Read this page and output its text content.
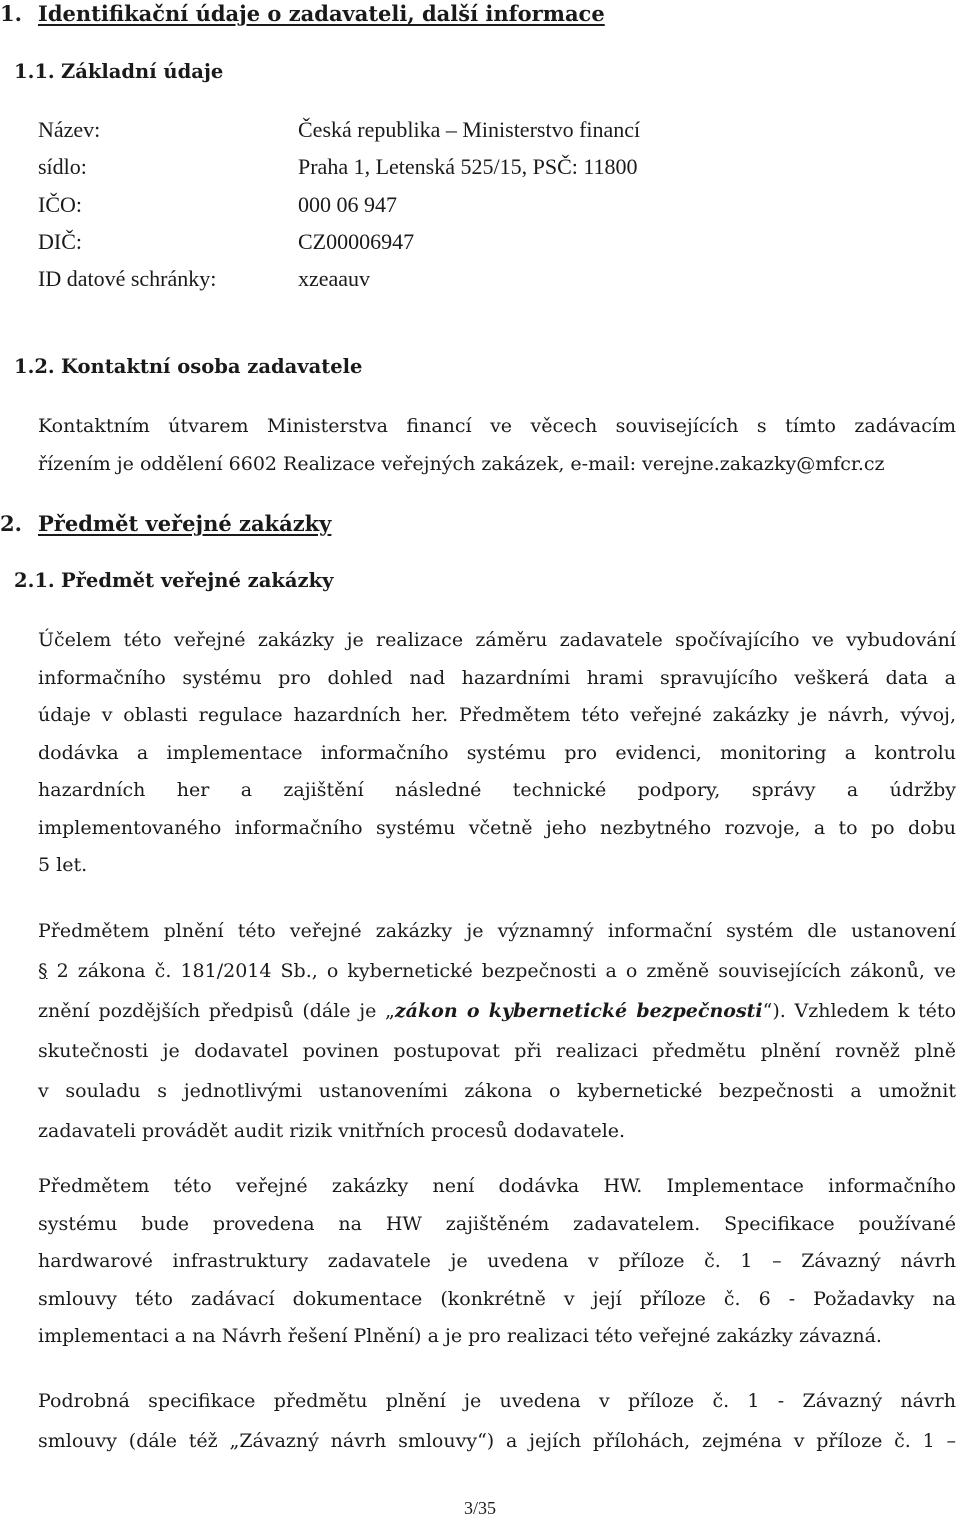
1. Identifikační údaje o zadavateli, další informace
1.1. Základní údaje
Název:	Česká republika – Ministerstvo financí
sídlo:	Praha 1, Letenská 525/15, PSČ: 11800
IČO:	000 06 947
DIČ:	CZ00006947
ID datové schránky:	xzeaauv
1.2. Kontaktní osoba zadavatele
Kontaktním útvarem Ministerstva financí ve věcech souvisejících s tímto zadávacím
řízením je oddělení 6602 Realizace veřejných zakázek, e-mail: verejne.zakazky@mfcr.cz
2. Předmět veřejné zakázky
2.1. Předmět veřejné zakázky
Účelem této veřejné zakázky je realizace záměru zadavatele spočívajícího ve vybudování
informačního systému pro dohled nad hazardními hrami spravujícího veškerá data a
údaje v oblasti regulace hazardních her. Předmětem této veřejné zakázky je návrh, vývoj,
dodávka a implementace informačního systému pro evidenci, monitoring a kontrolu
hazardních her a zajištění následné technické podpory, správy a údržby
implementovaného informačního systému včetně jeho nezbytného rozvoje, a to po dobu
5 let.
Předmětem plnění této veřejné zakázky je významný informační systém dle ustanovení
§ 2 zákona č. 181/2014 Sb., o kybernetické bezpečnosti a o změně souvisejících zákonů, ve
znění pozdějších předpisů (dále je „zákon o kybernetické bezpečnosti“). Vzhledem k této
skutečnosti je dodavatel povinen postupovat při realizaci předmětu plnění rovněž plně
v souladu s jednotlivými ustanoveními zákona o kybernetické bezpečnosti a umožnit
zadavateli provádět audit rizik vnitřních procesů dodavatele.
Předmětem této veřejné zakázky není dodávka HW. Implementace informačního
systému bude provedena na HW zajištěném zadavatelem. Specifikace používané
hardwarové infrastruktury zadavatele je uvedena v příloze č. 1 – Závazný návrh
smlouvy této zadávací dokumentace (konkrétně v její příloze č. 6 - Požadavky na
implementaci a na Návrh řešení Plnění) a je pro realizaci této veřejné zakázky závazná.
Podrobná specifikace předmětu plnění je uvedena v příloze č. 1 - Závazný návrh
smlouvy (dále též „Závazný návrh smlouvy“) a jejích přílohách, zejména v příloze č. 1 –
3/35
